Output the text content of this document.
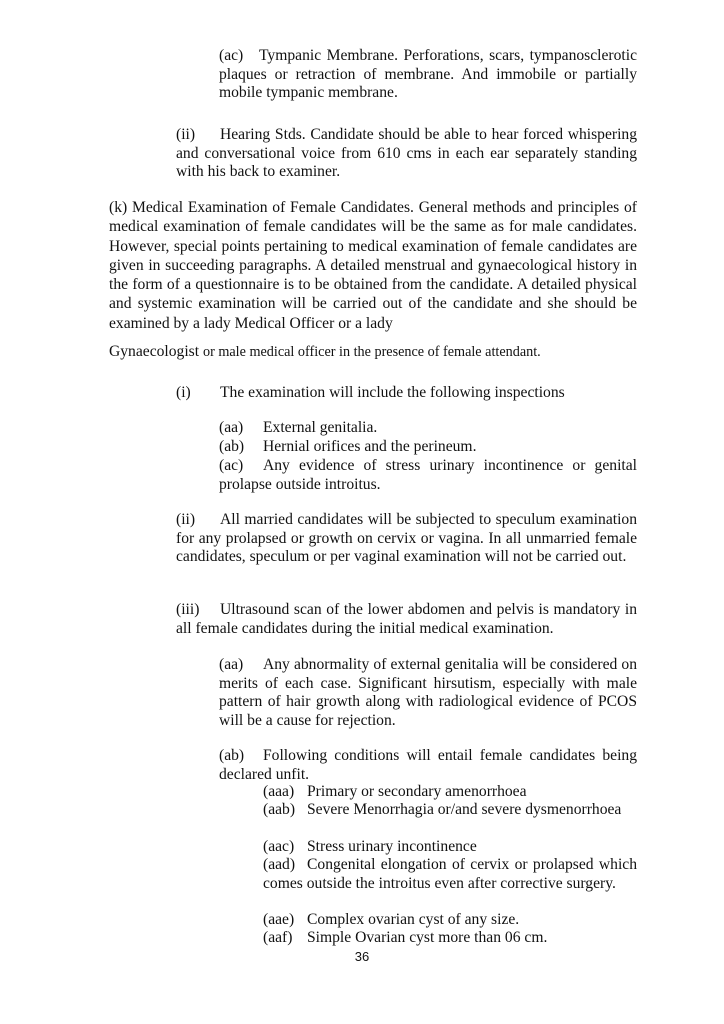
(ac) Tympanic Membrane. Perforations, scars, tympanosclerotic plaques or retraction of membrane. And immobile or partially mobile tympanic membrane.
(ii) Hearing Stds. Candidate should be able to hear forced whispering and conversational voice from 610 cms in each ear separately standing with his back to examiner.
(k) Medical Examination of Female Candidates. General methods and principles of medical examination of female candidates will be the same as for male candidates. However, special points pertaining to medical examination of female candidates are given in succeeding paragraphs. A detailed menstrual and gynaecological history in the form of a questionnaire is to be obtained from the candidate. A detailed physical and systemic examination will be carried out of the candidate and she should be examined by a lady Medical Officer or a lady
Gynaecologist or male medical officer in the presence of female attendant.
(i) The examination will include the following inspections
(aa) External genitalia.
(ab) Hernial orifices and the perineum.
(ac) Any evidence of stress urinary incontinence or genital prolapse outside introitus.
(ii) All married candidates will be subjected to speculum examination for any prolapsed or growth on cervix or vagina. In all unmarried female candidates, speculum or per vaginal examination will not be carried out.
(iii) Ultrasound scan of the lower abdomen and pelvis is mandatory in all female candidates during the initial medical examination.
(aa) Any abnormality of external genitalia will be considered on merits of each case. Significant hirsutism, especially with male pattern of hair growth along with radiological evidence of PCOS will be a cause for rejection.
(ab) Following conditions will entail female candidates being declared unfit.
(aaa) Primary or secondary amenorrhoea
(aab) Severe Menorrhagia or/and severe dysmenorrhoea
(aac) Stress urinary incontinence
(aad) Congenital elongation of cervix or prolapsed which comes outside the introitus even after corrective surgery.
(aae) Complex ovarian cyst of any size.
(aaf) Simple Ovarian cyst more than 06 cm.
36
